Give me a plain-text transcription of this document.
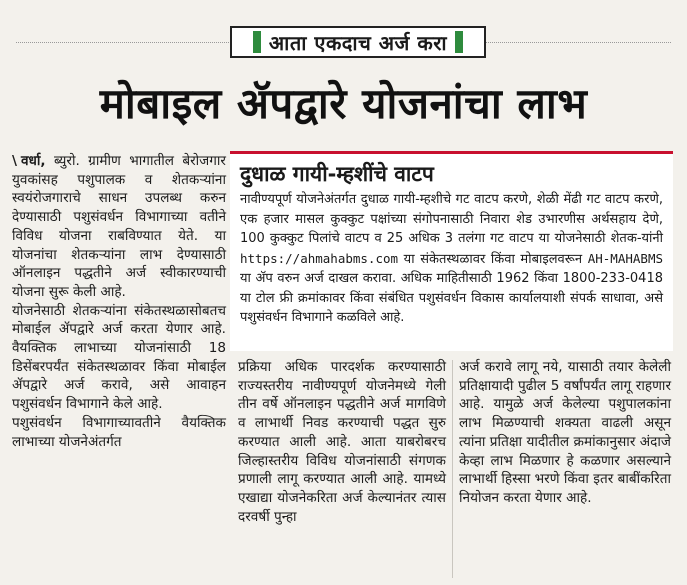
आता एकदाच अर्ज करा
मोबाइल ॲपद्वारे योजनांचा लाभ

\ वर्धा, ब्युरो. ग्रामीण भागातील बेरोजगार युवकांसह पशुपालक व शेतकऱ्यांना स्वयंरोजगाराचे साधन उपलब्ध करुन देण्यासाठी पशुसंवर्धन विभागाच्या वतीने विविध योजना राबविण्यात येते. या योजनांचा शेतकऱ्यांना लाभ देण्यासाठी ऑनलाइन पद्धतीने अर्ज स्वीकारण्याची योजना सुरू केली आहे.

योजनेसाठी शेतकऱ्यांना संकेतस्थळासोबतच मोबाईल ॲपद्वारे अर्ज करता येणार आहे. वैयक्तिक लाभाच्या योजनांसाठी 18 डिसेंबरपर्यंत संकेतस्थळावर किंवा मोबाईल ॲपद्वारे अर्ज करावे, असे आवाहन पशुसंवर्धन विभागाने केले आहे.

पशुसंवर्धन विभागाच्यावतीने वैयक्तिक लाभाच्या योजनेअंतर्गत

दुधाळ गायी-म्हशींचे वाटप

नावीण्यपूर्ण योजनेअंतर्गत दुधाळ गायी-म्हशीचे गट वाटप करणे, शेळी मेंढी गट वाटप करणे, एक हजार मासल कुक्कुट पक्षांच्या संगोपनासाठी निवारा शेड उभारणीस अर्थसहाय देणे, 100 कुक्कुट पिलांचे वाटप व 25 अधिक 3 तलंगा गट वाटप या योजनेसाठी शेतक-यांनी https://ahmahabms.com या संकेतस्थळावर किंवा मोबाइलवरून AH-MAHABMS या ॲप वरुन अर्ज दाखल करावा. अधिक माहितीसाठी 1962 किंवा 1800-233-0418 या टोल फ्री क्रमांकावर किंवा संबंधित पशुसंवर्धन विकास कार्यालयाशी संपर्क साधावा, असे पशुसंवर्धन विभागाने कळविले आहे.

प्रक्रिया अधिक पारदर्शक करण्यासाठी राज्यस्तरीय नावीण्यपूर्ण योजनेमध्ये गेली तीन वर्षे ऑनलाइन पद्धतीने अर्ज मागविणे व लाभार्थी निवड करण्याची पद्धत सुरु करण्यात आली आहे. आता याबरोबरच जिल्हास्तरीय विविध योजनांसाठी संगणक प्रणाली लागू करण्यात आली आहे. यामध्ये एखाद्या योजनेकरिता अर्ज केल्यानंतर त्यास दरवर्षी पुन्हा

अर्ज करावे लागू नये, यासाठी तयार केलेली प्रतिक्षायादी पुढील 5 वर्षांपर्यंत लागू राहणार आहे. यामुळे अर्ज केलेल्या पशुपालकांना लाभ मिळण्याची शक्यता वाढली असून त्यांना प्रतिक्षा यादीतील क्रमांकानुसार अंदाजे केव्हा लाभ मिळणार हे कळणार असल्याने लाभार्थी हिस्सा भरणे किंवा इतर बाबींकरिता नियोजन करता येणार आहे.
